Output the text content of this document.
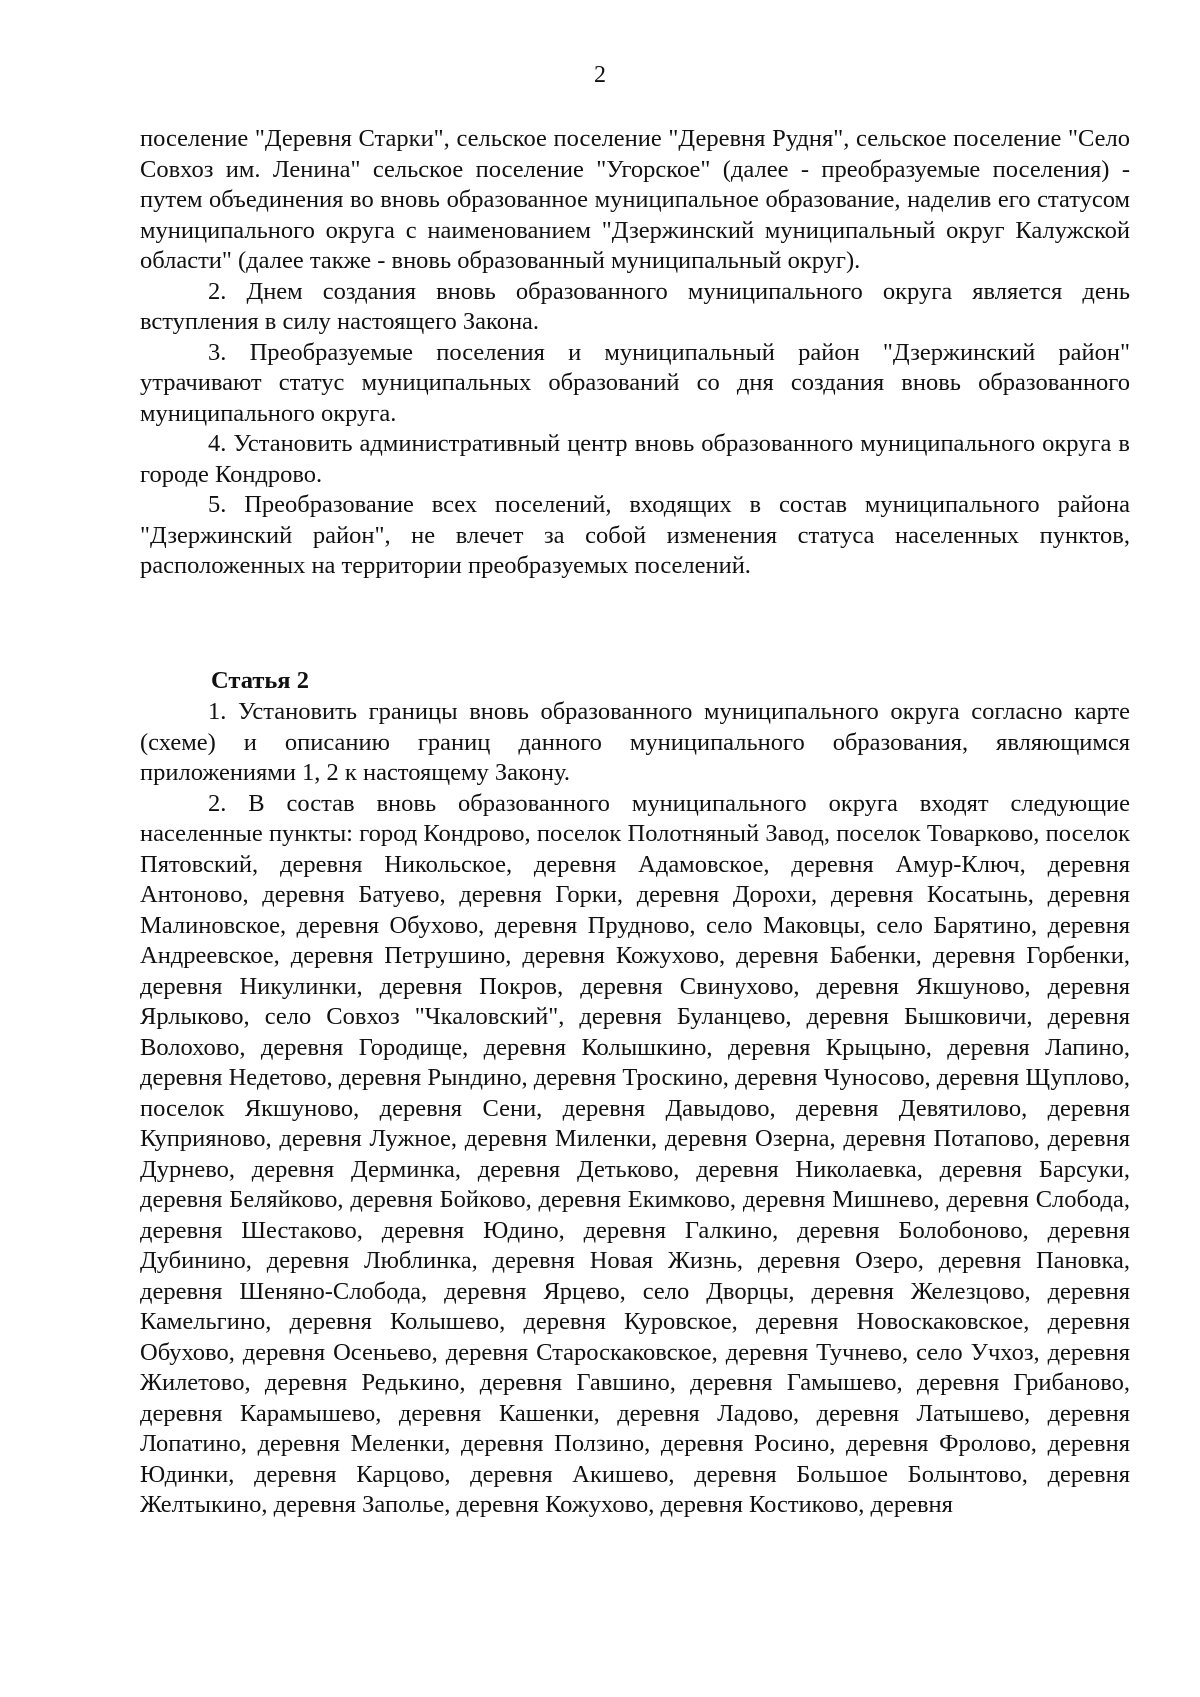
2

поселение "Деревня Старки", сельское поселение "Деревня Рудня", сельское поселение "Село Совхоз им. Ленина" сельское поселение "Угорское" (далее - преобразуемые поселения) - путем объединения во вновь образованное муниципальное образование, наделив его статусом муниципального округа с наименованием "Дзержинский муниципальный округ Калужской области" (далее также - вновь образованный муниципальный округ).

2. Днем создания вновь образованного муниципального округа является день вступления в силу настоящего Закона.

3. Преобразуемые поселения и муниципальный район "Дзержинский район" утрачивают статус муниципальных образований со дня создания вновь образованного муниципального округа.

4. Установить административный центр вновь образованного муниципального округа в городе Кондрово.

5. Преобразование всех поселений, входящих в состав муниципального района "Дзержинский район", не влечет за собой изменения статуса населенных пунктов, расположенных на территории преобразуемых поселений.

Статья 2

1. Установить границы вновь образованного муниципального округа согласно карте (схеме) и описанию границ данного муниципального образования, являющимся приложениями 1, 2 к настоящему Закону.

2. В состав вновь образованного муниципального округа входят следующие населенные пункты: город Кондрово, поселок Полотняный Завод, поселок Товарково, поселок Пятовский, деревня Никольское, деревня Адамовское, деревня Амур-Ключ, деревня Антоново, деревня Батуево, деревня Горки, деревня Дорохи, деревня Косатынь, деревня Малиновское, деревня Обухово, деревня Прудново, село Маковцы, село Барятино, деревня Андреевское, деревня Петрушино, деревня Кожухово, деревня Бабенки, деревня Горбенки, деревня Никулинки, деревня Покров, деревня Свинухово, деревня Якшуново, деревня Ярлыково, село Совхоз "Чкаловский", деревня Буланцево, деревня Бышковичи, деревня Волохово, деревня Городище, деревня Колышкино, деревня Крыцыно, деревня Лапино, деревня Недетово, деревня Рындино, деревня Троскино, деревня Чуносово, деревня Щуплово, поселок Якшуново, деревня Сени, деревня Давыдово, деревня Девятилово, деревня Куприяново, деревня Лужное, деревня Миленки, деревня Озерна, деревня Потапово, деревня Дурнево, деревня Дерминка, деревня Детьково, деревня Николаевка, деревня Барсуки, деревня Беляйково, деревня Бойково, деревня Екимково, деревня Мишнево, деревня Слобода, деревня Шестаково, деревня Юдино, деревня Галкино, деревня Болобоново, деревня Дубинино, деревня Люблинка, деревня Новая Жизнь, деревня Озеро, деревня Пановка, деревня Шеняно-Слобода, деревня Ярцево, село Дворцы, деревня Железцово, деревня Камельгино, деревня Колышево, деревня Куровское, деревня Новоскаковское, деревня Обухово, деревня Осеньево, деревня Староскаковское, деревня Тучнево, село Учхоз, деревня Жилетово, деревня Редькино, деревня Гавшино, деревня Гамышево, деревня Грибаново, деревня Карамышево, деревня Кашенки, деревня Ладово, деревня Латышево, деревня Лопатино, деревня Меленки, деревня Ползино, деревня Росино, деревня Фролово, деревня Юдинки, деревня Карцово, деревня Акишево, деревня Большое Болынтово, деревня Желтыкино, деревня Заполье, деревня Кожухово, деревня Костиково, деревня
